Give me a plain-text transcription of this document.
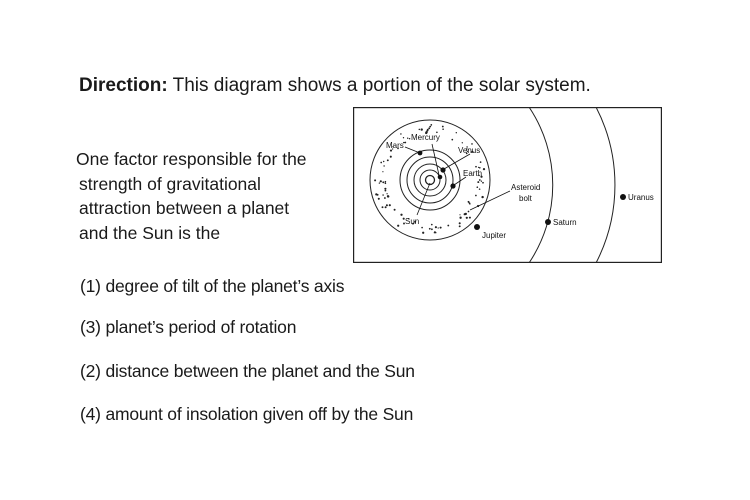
Direction: This diagram shows a portion of the solar system.
One factor responsible for the
strength of gravitational
attraction between a planet
and the Sun is the
(1) degree of tilt of the planet’s axis
(3) planet’s period of rotation
(2) distance between the planet and the Sun
(4) amount of insolation given off by the Sun
Mars
Mercury
Venus
Earth
Sun
Asteroid
bolt
Jupiter
Saturn
Uranus
